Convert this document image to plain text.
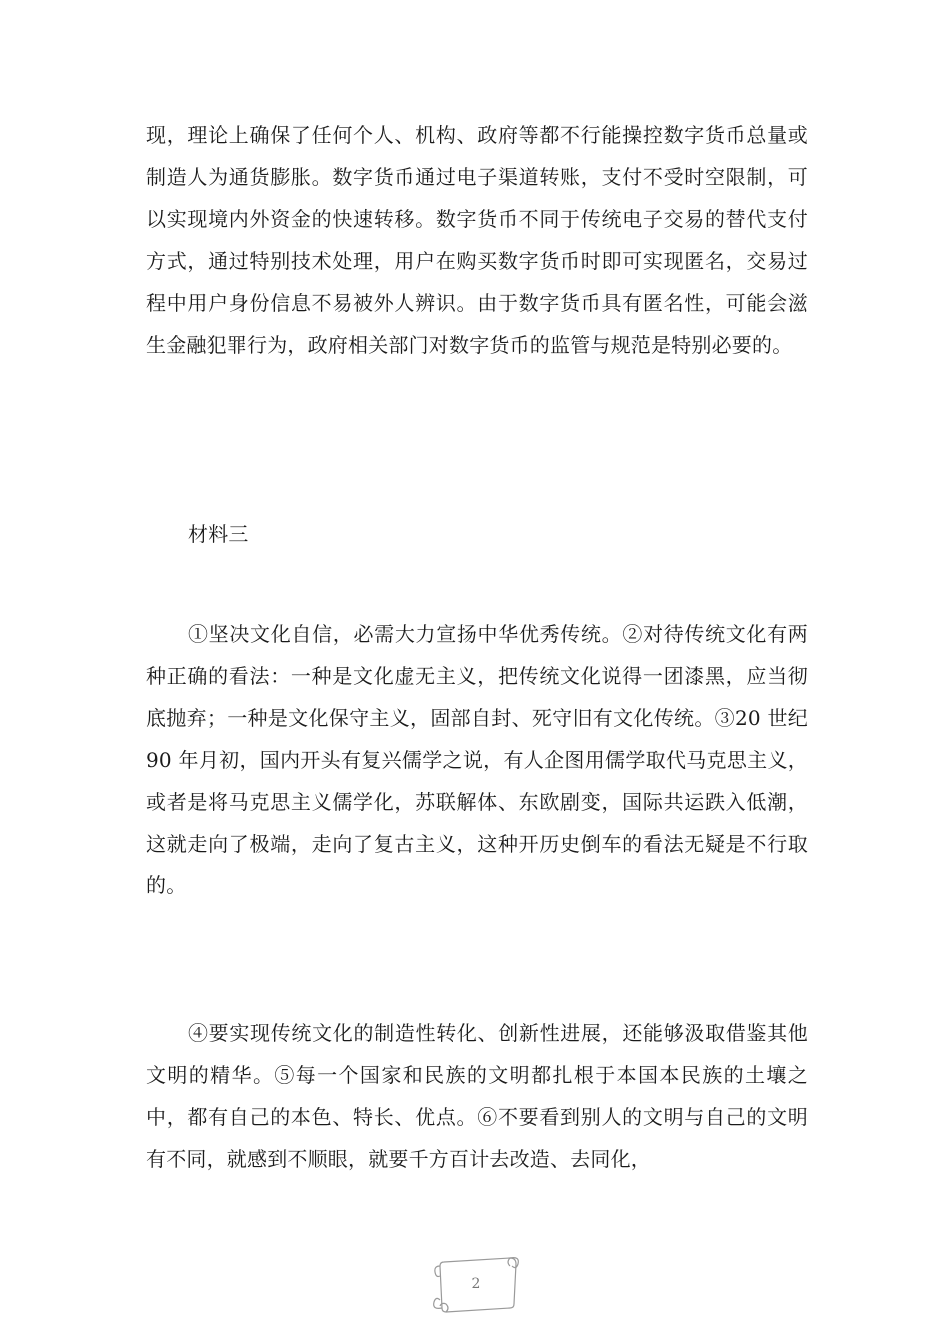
现，理论上确保了任何个人、机构、政府等都不行能操控数字货币总量或制造人为通货膨胀。数字货币通过电子渠道转账，支付不受时空限制，可以实现境内外资金的快速转移。数字货币不同于传统电子交易的替代支付方式，通过特别技术处理，用户在购买数字货币时即可实现匿名，交易过程中用户身份信息不易被外人辨识。由于数字货币具有匿名性，可能会滋生金融犯罪行为，政府相关部门对数字货币的监管与规范是特别必要的。

材料三

①坚决文化自信，必需大力宣扬中华优秀传统。②对待传统文化有两种正确的看法：一种是文化虚无主义，把传统文化说得一团漆黑，应当彻底抛弃；一种是文化保守主义，固部自封、死守旧有文化传统。③20 世纪 90 年月初，国内开头有复兴儒学之说，有人企图用儒学取代马克思主义，或者是将马克思主义儒学化，苏联解体、东欧剧变，国际共运跌入低潮，这就走向了极端，走向了复古主义，这种开历史倒车的看法无疑是不行取的。

④要实现传统文化的制造性转化、创新性进展，还能够汲取借鉴其他文明的精华。⑤每一个国家和民族的文明都扎根于本国本民族的土壤之中，都有自己的本色、特长、优点。⑥不要看到别人的文明与自己的文明有不同，就感到不顺眼，就要千方百计去改造、去同化，

2
